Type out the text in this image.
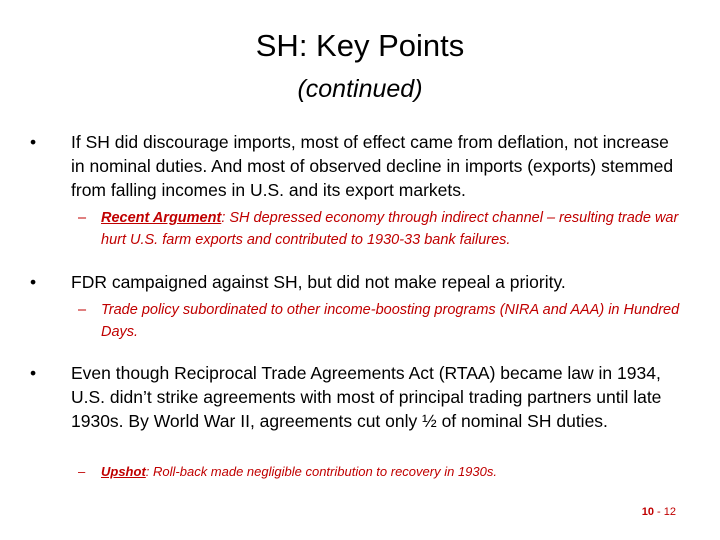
SH: Key Points
(continued)
•	If SH did discourage imports, most of effect came from deflation, not increase in nominal duties. And most of observed decline in imports (exports) stemmed from falling incomes in U.S. and its export markets.
–	Recent Argument: SH depressed economy through indirect channel – resulting trade war hurt U.S. farm exports and contributed to 1930-33 bank failures.
•	FDR campaigned against SH, but did not make repeal a priority.
–	Trade policy subordinated to other income-boosting programs (NIRA and AAA) in Hundred Days.
•	Even though Reciprocal Trade Agreements Act (RTAA) became law in 1934, U.S. didn’t strike agreements with most of principal trading partners until late 1930s. By World War II, agreements cut only ½ of nominal SH duties.
–	Upshot: Roll-back made negligible contribution to recovery in 1930s.
10 - 12
